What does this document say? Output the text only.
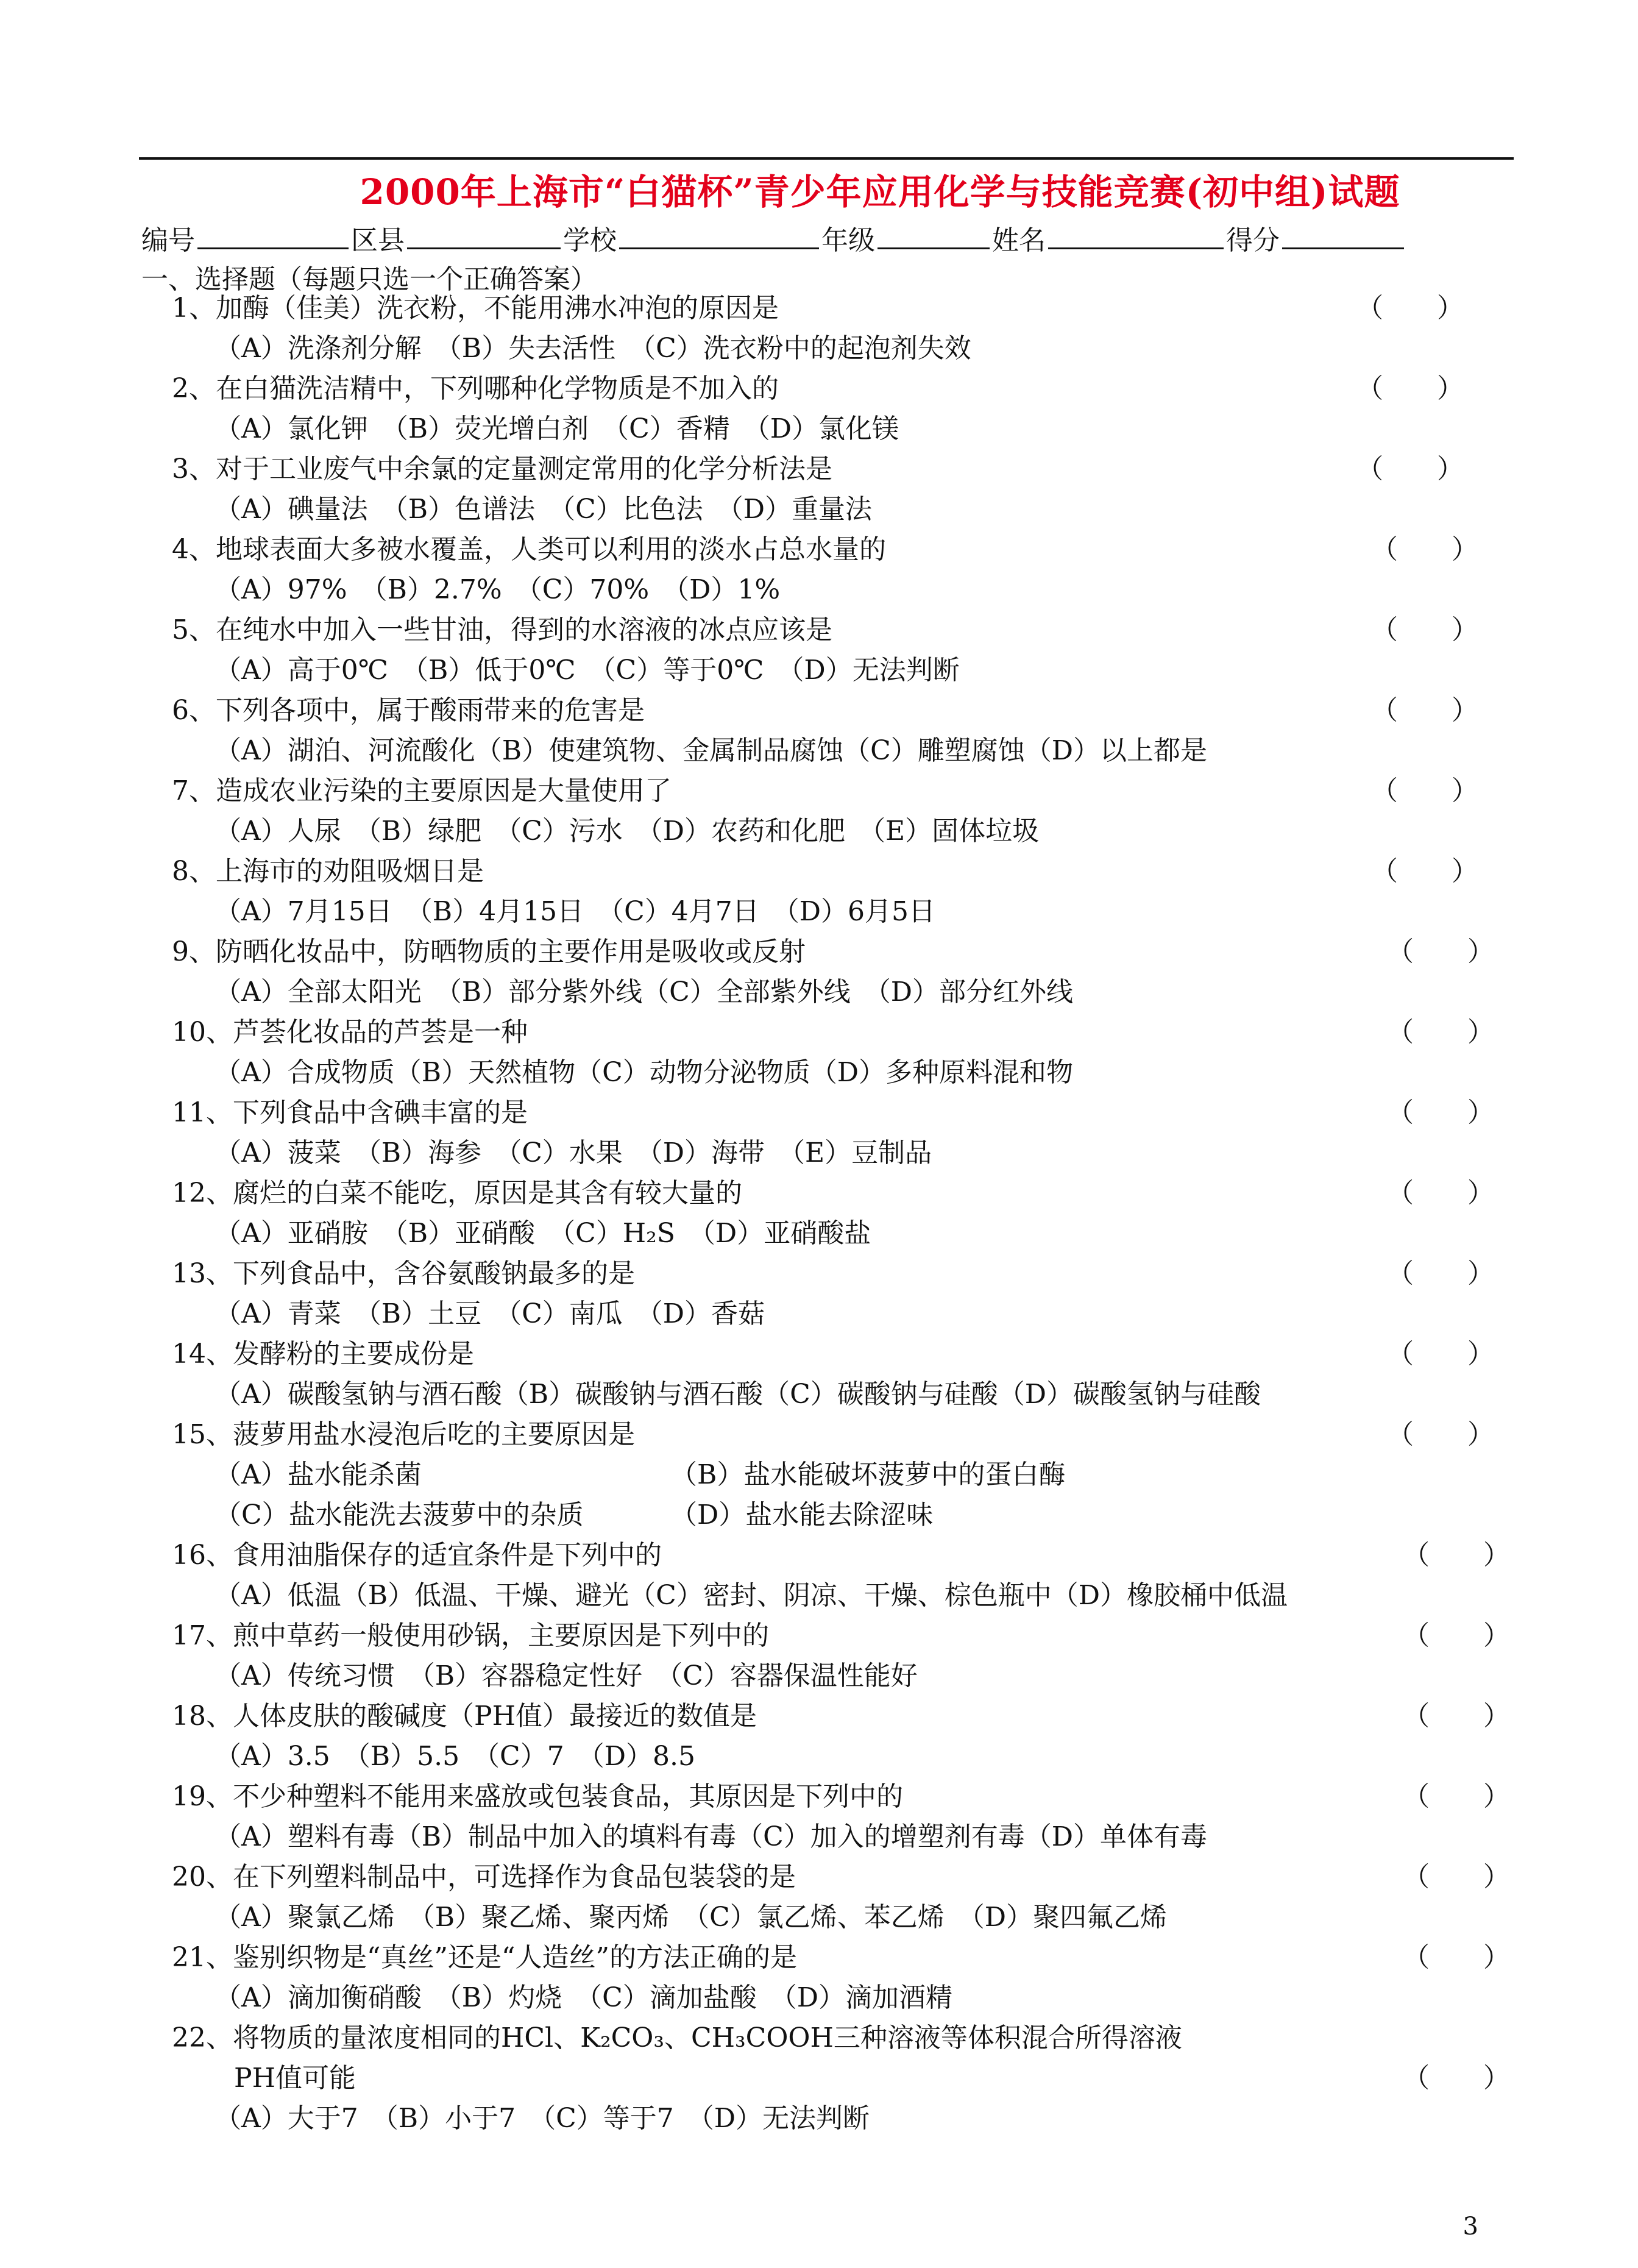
2000年上海市“白猫杯”青少年应用化学与技能竞赛(初中组)试题
编号	区县	学校	年级	姓名	得分
一、选择题（每题只选一个正确答案）
1、加酶（佳美）洗衣粉，不能用沸水冲泡的原因是	（　　）
（A）洗涤剂分解　（B）失去活性　（C）洗衣粉中的起泡剂失效
2、在白猫洗洁精中，下列哪种化学物质是不加入的	（　　）
（A）氯化钾　（B）荧光增白剂　（C）香精　（D）氯化镁
3、对于工业废气中余氯的定量测定常用的化学分析法是	（　　）
（A）碘量法　（B）色谱法　（C）比色法　（D）重量法
4、地球表面大多被水覆盖，人类可以利用的淡水占总水量的	（　　）
（A）97%　（B）2.7%　（C）70%　（D）1%
5、在纯水中加入一些甘油，得到的水溶液的冰点应该是	（　　）
（A）高于0℃　（B）低于0℃　（C）等于0℃　（D）无法判断
6、下列各项中，属于酸雨带来的危害是	（　　）
（A）湖泊、河流酸化（B）使建筑物、金属制品腐蚀（C）雕塑腐蚀（D）以上都是
7、造成农业污染的主要原因是大量使用了	（　　）
（A）人尿　（B）绿肥　（C）污水　（D）农药和化肥　（E）固体垃圾
8、上海市的劝阻吸烟日是	（　　）
（A）7月15日　（B）4月15日　（C）4月7日　（D）6月5日
9、防晒化妆品中，防晒物质的主要作用是吸收或反射	（　　）
（A）全部太阳光　（B）部分紫外线（C）全部紫外线　（D）部分红外线
10、芦荟化妆品的芦荟是一种	（　　）
（A）合成物质（B）天然植物（C）动物分泌物质（D）多种原料混和物
11、下列食品中含碘丰富的是	（　　）
（A）菠菜　（B）海参　（C）水果　（D）海带　（E）豆制品
12、腐烂的白菜不能吃，原因是其含有较大量的	（　　）
（A）亚硝胺　（B）亚硝酸　（C）H₂S　（D）亚硝酸盐
13、下列食品中，含谷氨酸钠最多的是	（　　）
（A）青菜　（B）土豆　（C）南瓜　（D）香菇
14、发酵粉的主要成份是	（　　）
（A）碳酸氢钠与酒石酸（B）碳酸钠与酒石酸（C）碳酸钠与硅酸（D）碳酸氢钠与硅酸
15、菠萝用盐水浸泡后吃的主要原因是	（　　）
（A）盐水能杀菌	（B）盐水能破坏菠萝中的蛋白酶
（C）盐水能洗去菠萝中的杂质	（D）盐水能去除涩味
16、食用油脂保存的适宜条件是下列中的	（　　）
（A）低温（B）低温、干燥、避光（C）密封、阴凉、干燥、棕色瓶中（D）橡胶桶中低温
17、煎中草药一般使用砂锅，主要原因是下列中的	（　　）
（A）传统习惯　（B）容器稳定性好　（C）容器保温性能好
18、人体皮肤的酸碱度（PH值）最接近的数值是	（　　）
（A）3.5　（B）5.5　（C）7　（D）8.5
19、不少种塑料不能用来盛放或包装食品，其原因是下列中的	（　　）
（A）塑料有毒（B）制品中加入的填料有毒（C）加入的增塑剂有毒（D）单体有毒
20、在下列塑料制品中，可选择作为食品包装袋的是	（　　）
（A）聚氯乙烯　（B）聚乙烯、聚丙烯　（C）氯乙烯、苯乙烯　（D）聚四氟乙烯
21、鉴别织物是“真丝”还是“人造丝”的方法正确的是	（　　）
（A）滴加衡硝酸　（B）灼烧　（C）滴加盐酸　（D）滴加酒精
22、将物质的量浓度相同的HCl、K₂CO₃、CH₃COOH三种溶液等体积混合所得溶液
PH值可能	（　　）
（A）大于7　（B）小于7　（C）等于7　（D）无法判断
3
